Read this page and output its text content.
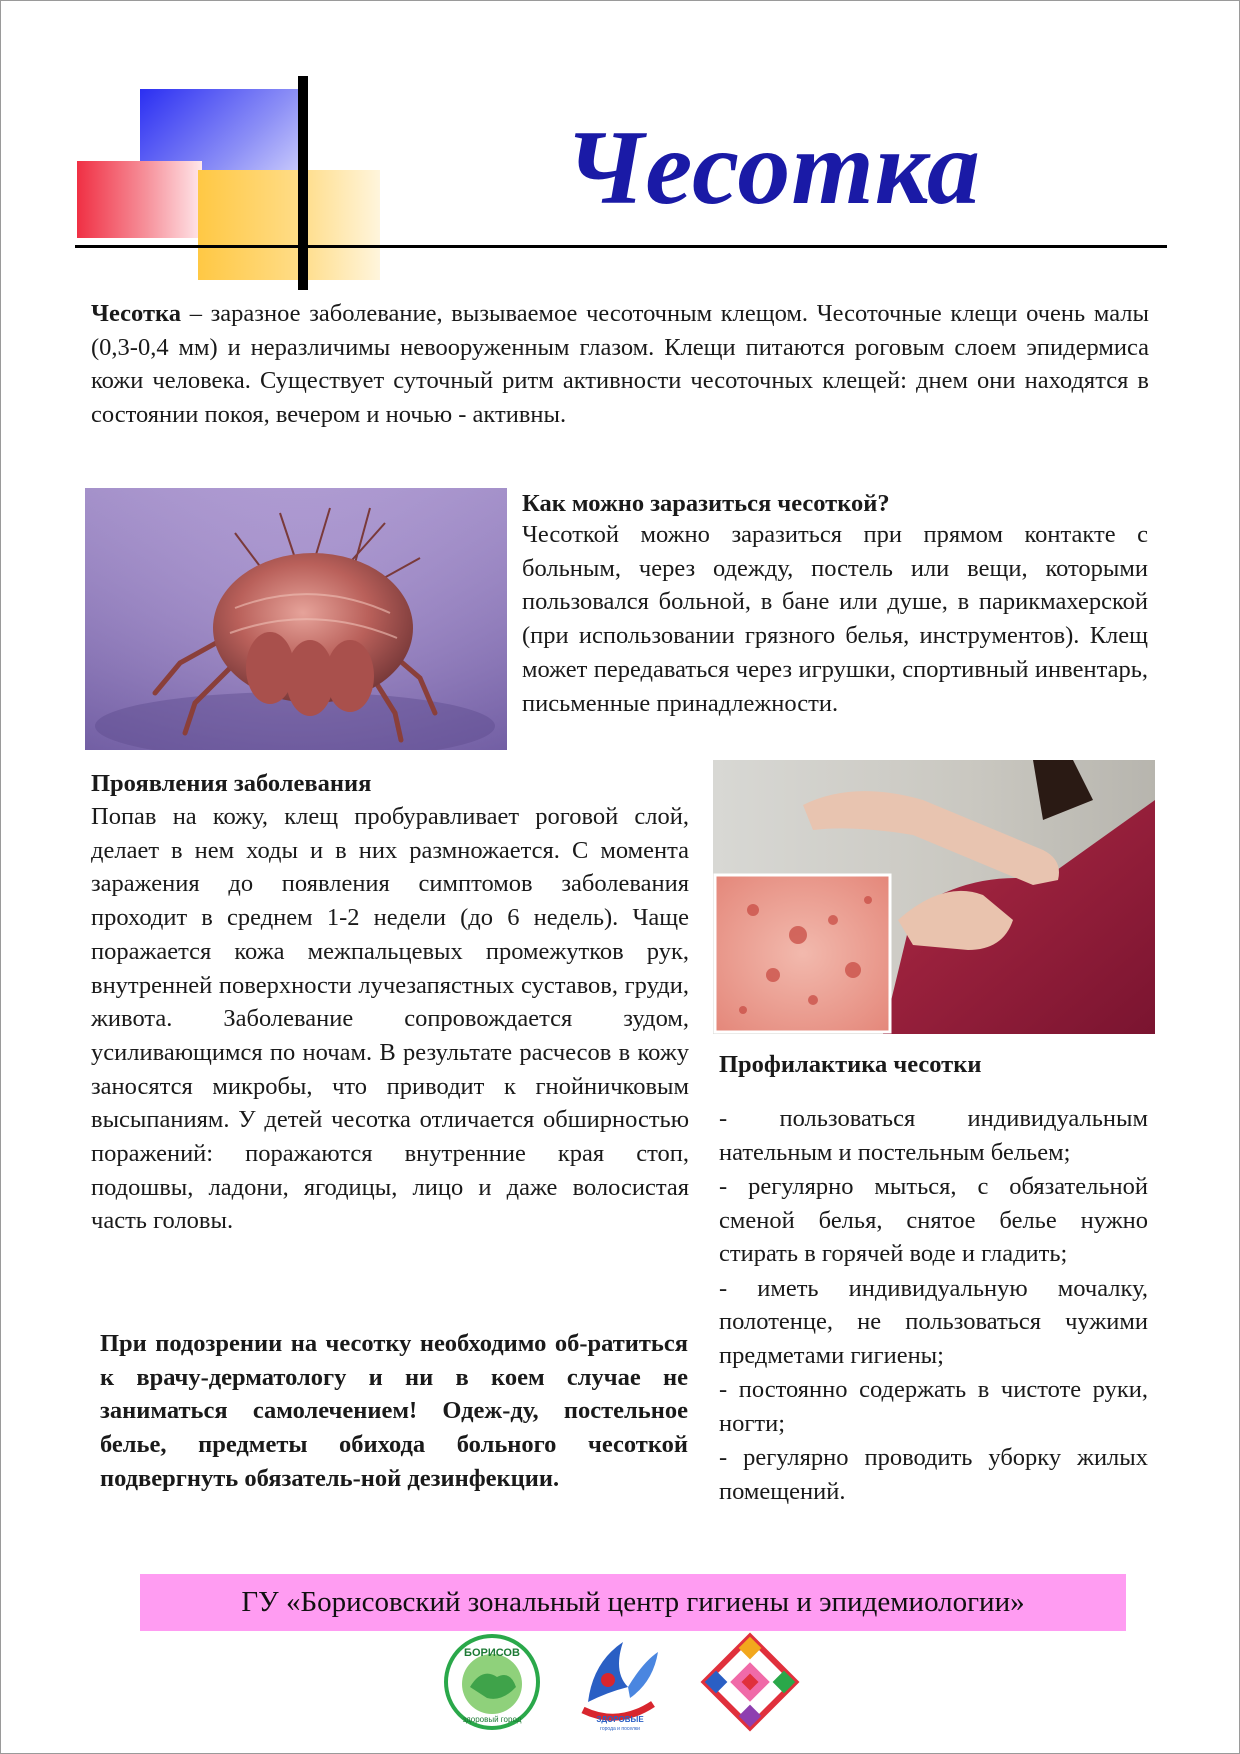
Чесотка

Чесотка – заразное заболевание, вызываемое чесоточным клещом. Чесоточные клещи очень малы (0,3-0,4 мм) и неразличимы невооруженным глазом. Клещи питаются роговым слоем эпидермиса кожи человека. Существует суточный ритм активности чесоточных клещей: днем они находятся в состоянии покоя, вечером и ночью - активны.

Как можно заразиться чесоткой?

Чесоткой можно заразиться при прямом контакте с больным, через одежду, постель или вещи, которыми пользовался больной, в бане или душе, в парикмахерской (при использовании грязного белья, инструментов). Клещ может передаваться через игрушки, спортивный инвентарь, письменные принадлежности.

Проявления заболевания

Попав на кожу, клещ пробуравливает роговой слой, делает в нем ходы и в них размножается. С момента заражения до появления симптомов заболевания проходит в среднем 1-2 недели (до 6 недель). Чаще поражается кожа межпальцевых промежутков рук, внутренней поверхности лучезапястных суставов, груди, живота. Заболевание сопровождается зудом, усиливающимся по ночам. В результате расчесов в кожу заносятся микробы, что приводит к гнойничковым высыпаниям. У детей чесотка отличается обширностью поражений: поражаются внутренние края стоп, подошвы, ладони, ягодицы, лицо и даже волосистая часть головы.

При подозрении на чесотку необходимо об-ратиться к врачу-дерматологу и ни в коем случае не заниматься самолечением! Одеж-ду, постельное белье, предметы обихода больного чесоткой подвергнуть обязатель-ной дезинфекции.

Профилактика чесотки
- пользоваться индивидуальным нательным и постельным бельем;
- регулярно мыться, с обязательной сменой белья, снятое белье нужно стирать в горячей воде и гладить;
- иметь индивидуальную мочалку, полотенце, не пользоваться чужими предметами гигиены;
- постоянно содержать в чистоте руки, ногти;
- регулярно проводить уборку жилых помещений.
ГУ «Борисовский зональный центр гигиены и эпидемиологии»
БОРИСОВ
здоровый город	ЗДОРОВЫЕ
города и поселки
